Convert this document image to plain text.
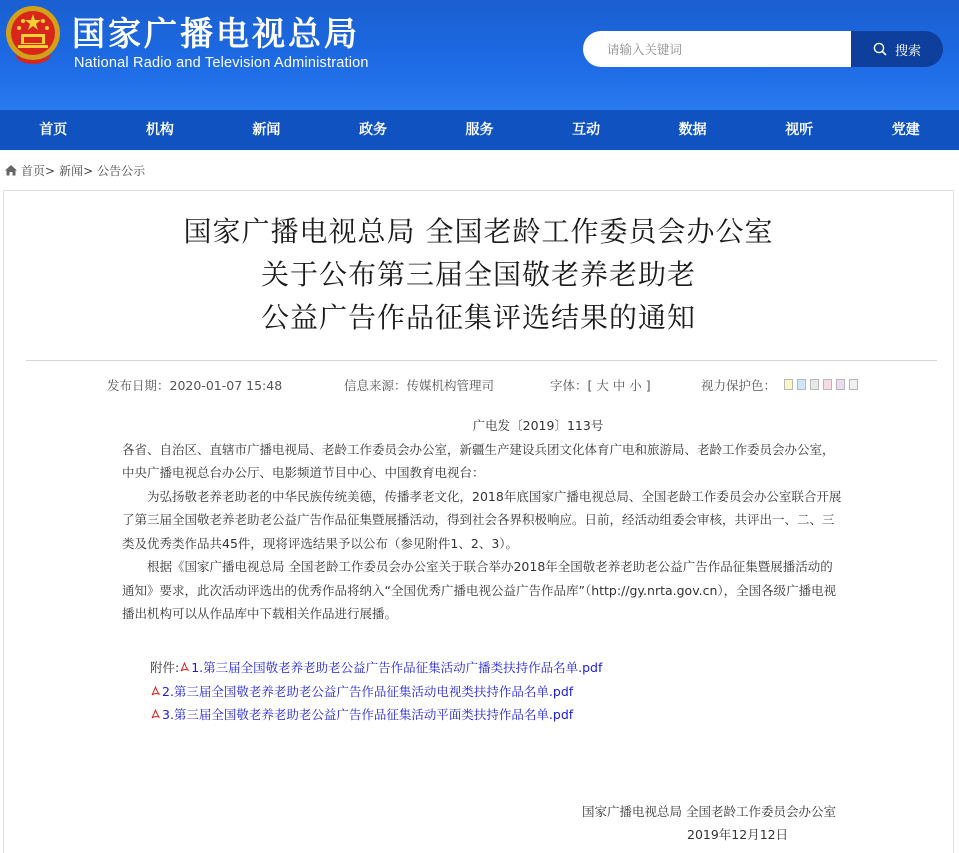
国家广播电视总局
National Radio and Television Administration
请输入关键词
搜索
首页	机构	新闻	政务	服务	互动	数据	视听	党建
首页> 新闻> 公告公示
国家广播电视总局 全国老龄工作委员会办公室
关于公布第三届全国敬老养老助老
公益广告作品征集评选结果的通知
发布日期：2020-01-07 15:48	信息来源：传媒机构管理司	字体：[ 大 中 小 ]	视力保护色：

广电发〔2019〕113号

各省、自治区、直辖市广播电视局、老龄工作委员会办公室，新疆生产建设兵团文化体育广电和旅游局、老龄工作委员会办公室，中央广播电视总台办公厅、电影频道节目中心、中国教育电视台：

为弘扬敬老养老助老的中华民族传统美德，传播孝老文化，2018年底国家广播电视总局、全国老龄工作委员会办公室联合开展了第三届全国敬老养老助老公益广告作品征集暨展播活动，得到社会各界积极响应。日前，经活动组委会审核，共评出一、二、三类及优秀类作品共45件，现将评选结果予以公布（参见附件1、2、3）。

根据《国家广播电视总局 全国老龄工作委员会办公室关于联合举办2018年全国敬老养老助老公益广告作品征集暨展播活动的通知》要求，此次活动评选出的优秀作品将纳入“全国优秀广播电视公益广告作品库”（http://gy.nrta.gov.cn），全国各级广播电视播出机构可以从作品库中下载相关作品进行展播。

附件: 1.第三届全国敬老养老助老公益广告作品征集活动广播类扶持作品名单.pdf
2.第三届全国敬老养老助老公益广告作品征集活动电视类扶持作品名单.pdf
3.第三届全国敬老养老助老公益广告作品征集活动平面类扶持作品名单.pdf
国家广播电视总局 全国老龄工作委员会办公室
2019年12月12日
